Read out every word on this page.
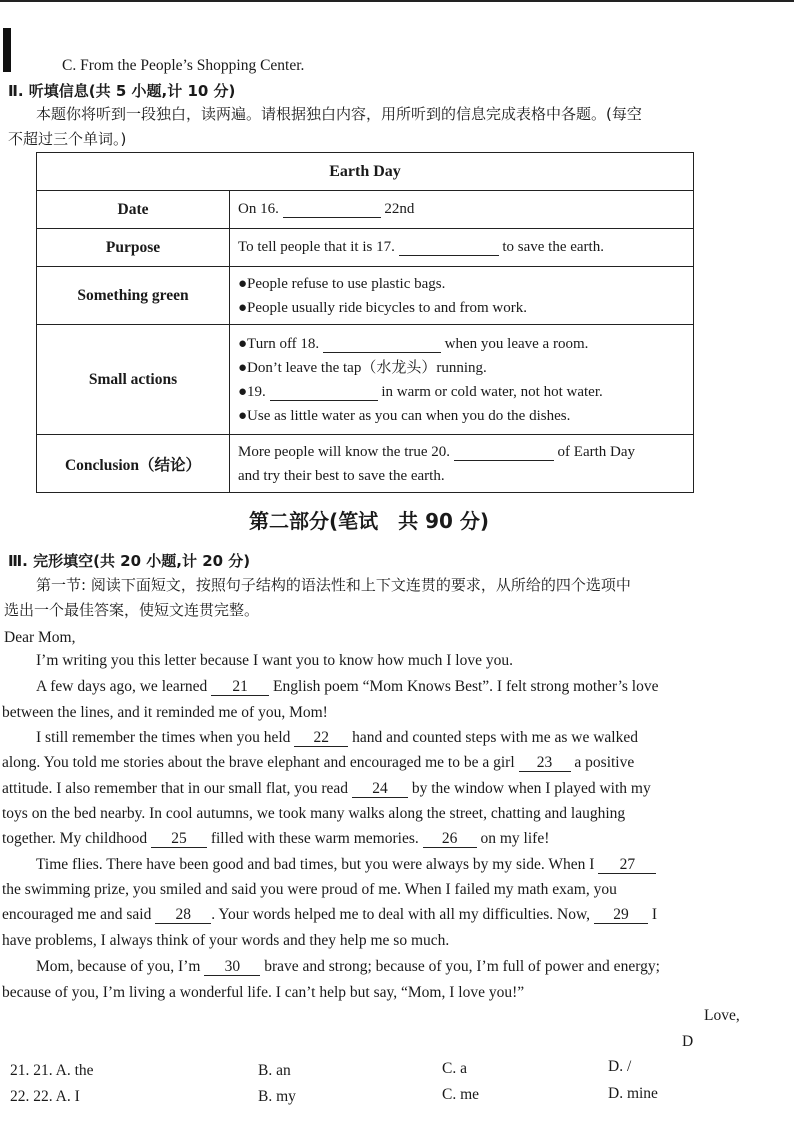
C. From the People’s Shopping Center.
Ⅱ. 听填信息(共 5 小题,计 10 分)
本题你将听到一段独白，读两遍。请根据独白内容，用所听到的信息完成表格中各题。(每空
不超过三个单词。)
Earth Day	
Date	On 16. 22nd
Purpose	To tell people that it is 17. to save the earth.
Something green	●People refuse to use plastic bags.
●People usually ride bicycles to and from work.

Small actions	●Turn off 18. when you leave a room.
●Don’t leave the tap（水龙头）running.
●19. in warm or cold water, not hot water.
●Use as little water as you can when you do the dishes.

Conclusion（结论）	More people will know the true 20. of Earth Day
and try their best to save the earth.
第二部分(笔试　共 90 分)
Ⅲ. 完形填空(共 20 小题,计 20 分)
第一节: 阅读下面短文，按照句子结构的语法性和上下文连贯的要求，从所给的四个选项中
选出一个最佳答案，使短文连贯完整。
Dear Mom,
I’m writing you this letter because I want you to know how much I love you.
A few days ago, we learned 21 English poem “Mom Knows Best”. I felt strong mother’s love
between the lines, and it reminded me of you, Mom!
I still remember the times when you held 22 hand and counted steps with me as we walked
along. You told me stories about the brave elephant and encouraged me to be a girl 23 a positive
attitude. I also remember that in our small flat, you read 24 by the window when I played with my
toys on the bed nearby. In cool autumns, we took many walks along the street, chatting and laughing
together. My childhood 25 filled with these warm memories. 26 on my life!
Time flies. There have been good and bad times, but you were always by my side. When I 27
the swimming prize, you smiled and said you were proud of me. When I failed my math exam, you
encouraged me and said 28 . Your words helped me to deal with all my difficulties. Now, 29 I
have problems, I always think of your words and they help me so much.
Mom, because of you, I’m 30 brave and strong; because of you, I’m full of power and energy;
because of you, I’m living a wonderful life. I can’t help but say, “Mom, I love you!”
Love,
D
21. 21. A. the	B. an	C. a	D. /
22. 22. A. I	B. my	C. me	D. mine
